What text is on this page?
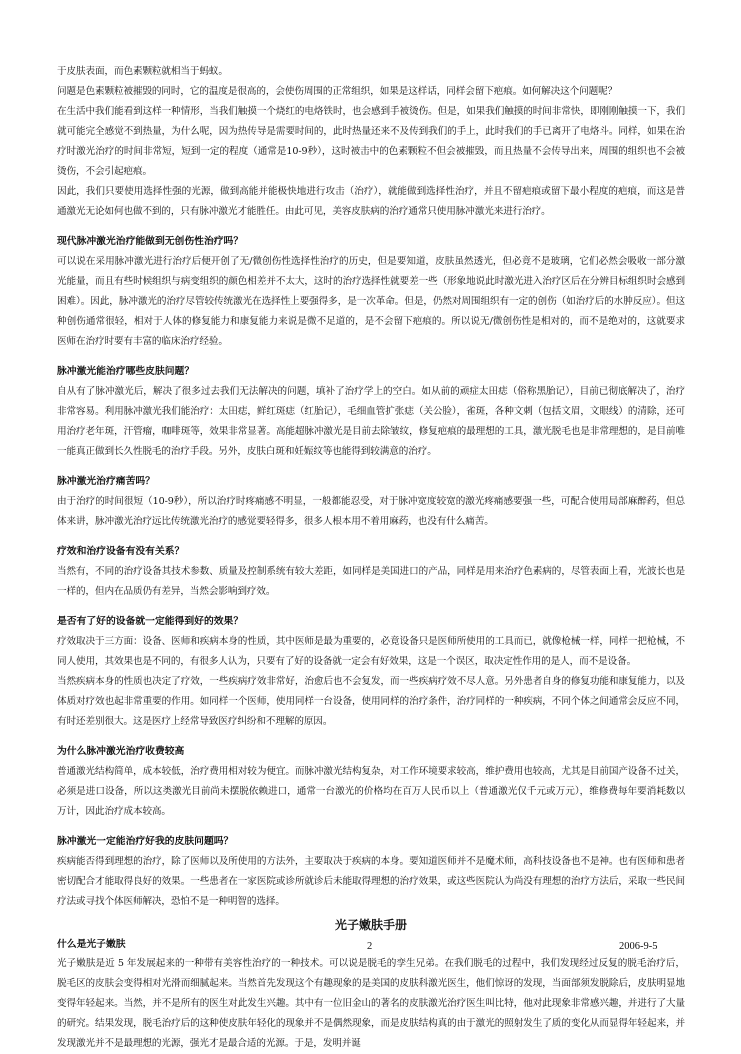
于皮肤表面，而色素颗粒就相当于蚂蚁。

问题是色素颗粒被摧毁的同时，它的温度是很高的，会使伤周围的正常组织，如果是这样话，同样会留下疤痕。如何解决这个问题呢？

在生活中我们能看到这样一种情形，当我们触摸一个烧红的电烙铁时，也会感到手被烫伤。但是，如果我们触摸的时间非常快，即刚刚触摸一下，我们就可能完全感觉不到热量，为什么呢，因为热传导是需要时间的，此时热量还来不及传到我们的手上，此时我们的手已离开了电烙斗。同样，如果在治疗时激光治疗的时间非常短，短到一定的程度（通常是10-9秒），这时被击中的色素颗粒不但会被摧毁，而且热量不会传导出来，周围的组织也不会被烫伤，不会引起疤痕。

因此，我们只要使用选择性强的光源，做到高能并能极快地进行攻击（治疗），就能做到选择性治疗，并且不留疤痕或留下最小程度的疤痕，而这是普通激光无论如何也做不到的，只有脉冲激光才能胜任。由此可见，美容皮肤病的治疗通常只使用脉冲激光来进行治疗。

现代脉冲激光治疗能做到无创伤性治疗吗？

可以说在采用脉冲激光进行治疗后便开创了无/微创伤性选择性治疗的历史，但是要知道，皮肤虽然透光，但必竟不是玻璃，它们必然会吸收一部分激光能量，而且有些时候组织与病变组织的颜色相差并不太大，这时的治疗选择性就要差一些（形象地说此时激光进入治疗区后在分辨目标组织时会感到困难）。因此，脉冲激光的治疗尽管较传统激光在选择性上要强得多，是一次革命。但是，仍然对周围组织有一定的创伤（如治疗后的水肿反应）。但这种创伤通常很轻，相对于人体的修复能力和康复能力来说是微不足道的，是不会留下疤痕的。所以说无/微创伤性是相对的，而不是绝对的，这就要求医师在治疗时要有丰富的临床治疗经验。

脉冲激光能治疗哪些皮肤问题？

自从有了脉冲激光后，解决了很多过去我们无法解决的问题，填补了治疗学上的空白。如从前的顽症太田痣（俗称黑胎记），目前已彻底解决了，治疗非常容易。利用脉冲激光我们能治疗：太田痣，鲜红斑痣（红胎记），毛细血管扩张痣（关公脸），雀斑，各种文刺（包括文眉，文眼线）的清除，还可用治疗老年斑，汗管瘤，咖啡斑等，效果非常显著。高能超脉冲激光是目前去除皱纹，修复疤痕的最理想的工具，激光脱毛也是非常理想的，是目前唯一能真正做到长久性脱毛的治疗手段。另外，皮肤白斑和妊娠纹等也能得到较满意的治疗。

脉冲激光治疗痛苦吗？

由于治疗的时间很短（10-9秒），所以治疗时疼痛感不明显，一般都能忍受，对于脉冲宽度较宽的激光疼痛感要强一些，可配合使用局部麻醉药，但总体来讲，脉冲激光治疗远比传统激光治疗的感觉要轻得多，很多人根本用不着用麻药，也没有什么痛苦。

疗效和治疗设备有没有关系？

当然有，不同的治疗设备其技术参数、质量及控制系统有较大差距，如同样是美国进口的产品，同样是用来治疗色素病的，尽管表面上看，光波长也是一样的，但内在品质仍有差异，当然会影响到疗效。

是否有了好的设备就一定能得到好的效果？

疗效取决于三方面：设备、医师和疾病本身的性质，其中医师是最为重要的，必竟设备只是医师所使用的工具而已，就像枪械一样，同样一把枪械，不同人使用，其效果也是不同的，有很多人认为，只要有了好的设备就一定会有好效果，这是一个误区，取决定性作用的是人，而不是设备。

当然疾病本身的性质也决定了疗效，一些疾病疗效非常好，治愈后也不会复发，而一些疾病疗效不尽人意。另外患者自身的修复功能和康复能力，以及体质对疗效也起非常重要的作用。如同样一个医师，使用同样一台设备，使用同样的治疗条件，治疗同样的一种疾病，不同个体之间通常会反应不同，有时还差别很大。这是医疗上经常导致医疗纠纷和不理解的原因。

为什么脉冲激光治疗收费较高

普通激光结构简单，成本较低，治疗费用相对较为便宜。而脉冲激光结构复杂，对工作环境要求较高，维护费用也较高，尤其是目前国产设备不过关，必须是进口设备，所以这类激光目前尚未摆脱依赖进口，通常一台激光的价格均在百万人民币以上（普通激光仅千元或万元），维修费每年要消耗数以万计，因此治疗成本较高。

脉冲激光一定能治疗好我的皮肤问题吗？

疾病能否得到理想的治疗，除了医师以及所使用的方法外，主要取决于疾病的本身。要知道医师并不是魔术师，高科技设备也不是神。也有医师和患者密切配合才能取得良好的效果。一些患者在一家医院或诊所就诊后未能取得理想的治疗效果，或这些医院认为尚没有理想的治疗方法后，采取一些民间疗法或寻找个体医师解决，恐怕不是一种明智的选择。

光子嫩肤手册
什么是光子嫩肤

光子嫩肤是近 5 年发展起来的一种带有美容性治疗的一种技术。可以说是脱毛的孪生兄弟。在我们脱毛的过程中，我们发现经过反复的脱毛治疗后，脱毛区的皮肤会变得相对光滑而细腻起来。当然首先发现这个有趣现象的是美国的皮肤科激光医生，他们惊讶的发现，当面部须发脱除后，皮肤明显地变得年轻起来。当然，并不是所有的医生对此发生兴趣。其中有一位旧金山的著名的皮肤激光治疗医生叫比特，他对此现象非常感兴趣，并进行了大量的研究。结果发现，脱毛治疗后的这种使皮肤年轻化的现象并不是偶然现象，而是皮肤结构真的由于激光的照射发生了质的变化从而显得年轻起来，并发现激光并不是最理想的光源，强光才是最合适的光源。于是，发明并诞

2	2006-9-5
